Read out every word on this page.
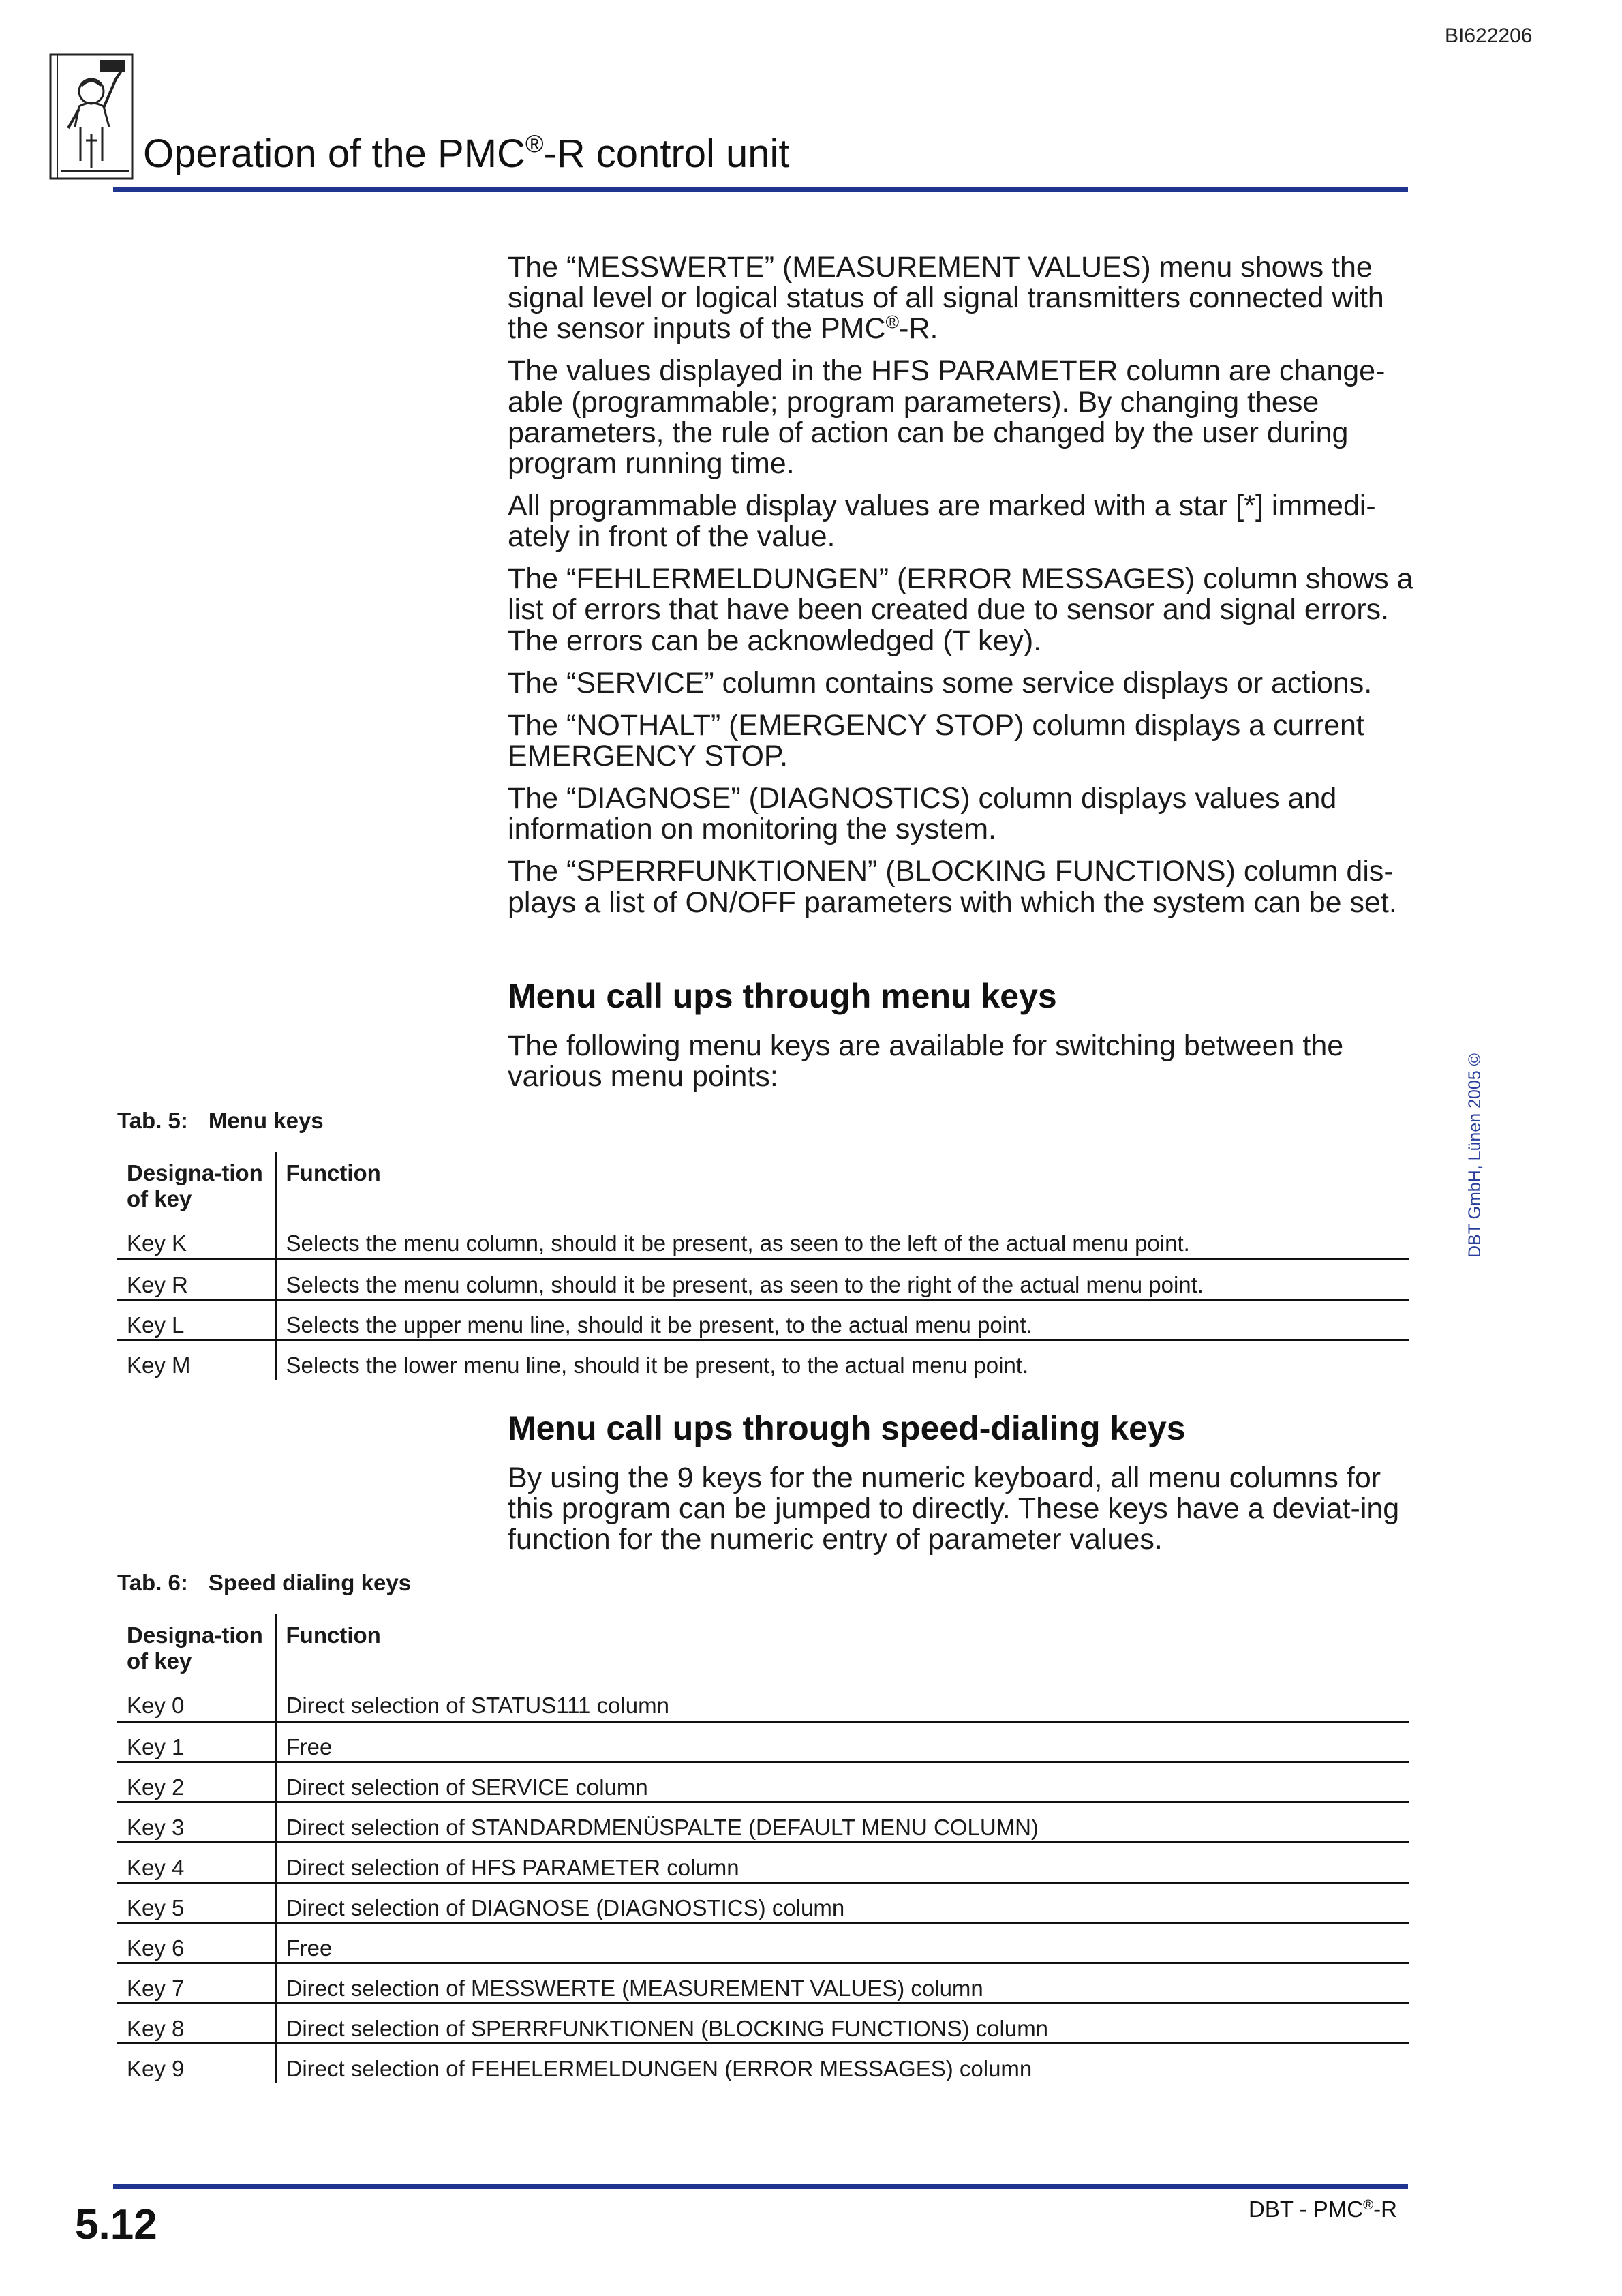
BI622206
Operation of the PMC®-R control unit

The “MESSWERTE” (MEASUREMENT VALUES) menu shows the signal level or logical status of all signal transmitters connected with the sensor inputs of the PMC®-R.

The values displayed in the HFS PARAMETER column are change-able (programmable; program parameters). By changing these parameters, the rule of action can be changed by the user during program running time.

All programmable display values are marked with a star [*] immedi-ately in front of the value.

The “FEHLERMELDUNGEN” (ERROR MESSAGES) column shows a list of errors that have been created due to sensor and signal errors. The errors can be acknowledged (T key).

The “SERVICE” column contains some service displays or actions.

The “NOTHALT” (EMERGENCY STOP) column displays a current EMERGENCY STOP.

The “DIAGNOSE” (DIAGNOSTICS) column displays values and information on monitoring the system.

The “SPERRFUNKTIONEN” (BLOCKING FUNCTIONS) column dis-plays a list of ON/OFF parameters with which the system can be set.

Menu call ups through menu keys

The following menu keys are available for switching between the various menu points:

Tab. 5: Menu keys
Designa-tion of key	Function
Key K	Selects the menu column, should it be present, as seen to the left of the actual menu point.
Key R	Selects the menu column, should it be present, as seen to the right of the actual menu point.
Key L	Selects the upper menu line, should it be present, to the actual menu point.
Key M	Selects the lower menu line, should it be present, to the actual menu point.
Menu call ups through speed-dialing keys

By using the 9 keys for the numeric keyboard, all menu columns for this program can be jumped to directly. These keys have a deviat-ing function for the numeric entry of parameter values.

Tab. 6: Speed dialing keys
Designa-tion of key	Function
Key 0	Direct selection of STATUS111 column
Key 1	Free
Key 2	Direct selection of SERVICE column
Key 3	Direct selection of STANDARDMENÜSPALTE (DEFAULT MENU COLUMN)
Key 4	Direct selection of HFS PARAMETER column
Key 5	Direct selection of DIAGNOSE (DIAGNOSTICS) column
Key 6	Free
Key 7	Direct selection of MESSWERTE (MEASUREMENT VALUES) column
Key 8	Direct selection of SPERRFUNKTIONEN (BLOCKING FUNCTIONS) column
Key 9	Direct selection of FEHELERMELDUNGEN (ERROR MESSAGES) column
DBT GmbH, Lünen 2005 ©
5.12	DBT - PMC®-R
